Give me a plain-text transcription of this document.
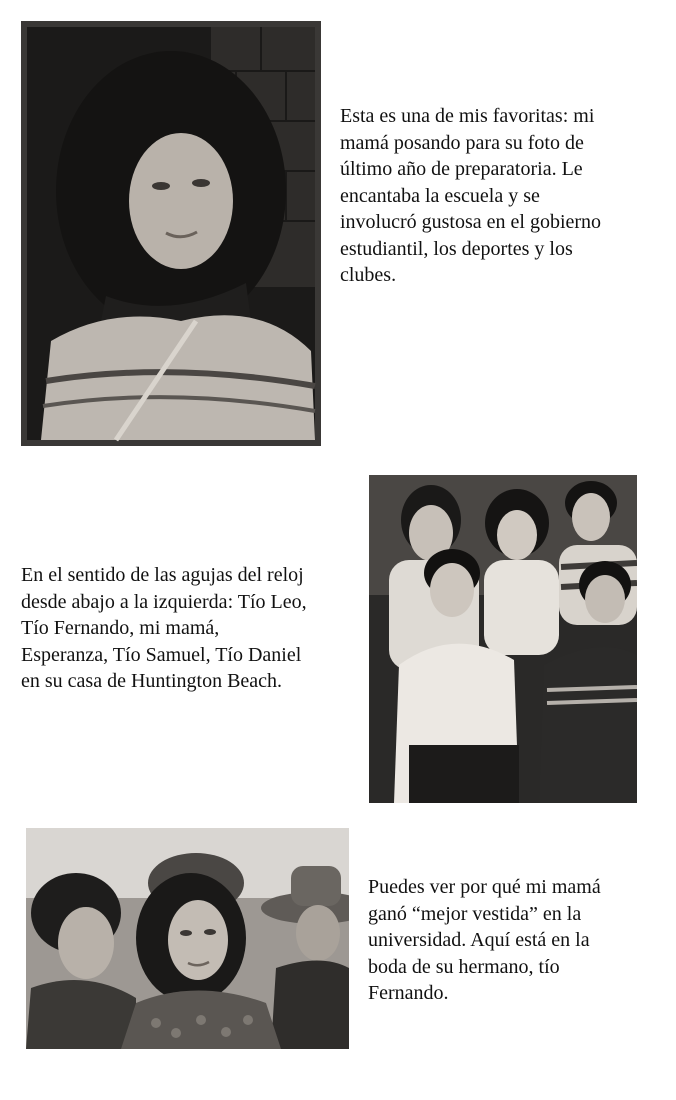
Esta es una de mis favoritas: mi
mamá posando para su foto de
último año de preparatoria. Le
encantaba la escuela y se
involucró gustosa en el gobierno
estudiantil, los deportes y los
clubes.
En el sentido de las agujas del reloj
desde abajo a la izquierda: Tío Leo,
Tío Fernando, mi mamá,
Esperanza, Tío Samuel, Tío Daniel
en su casa de Huntington Beach.
Puedes ver por qué mi mamá
ganó “mejor vestida” en la
universidad. Aquí está en la
boda de su hermano, tío
Fernando.
